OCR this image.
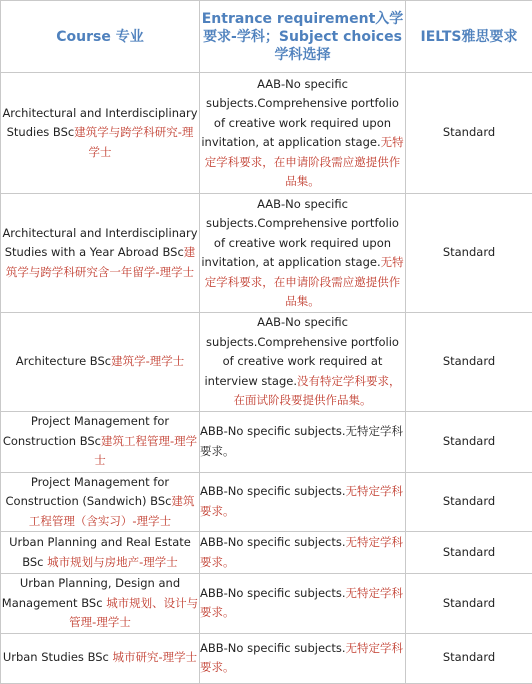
Course 专业	Entrance requirement入学要求-学科；Subject choices 学科选择	IELTS雅思要求
Architectural and Interdisciplinary Studies BSc建筑学与跨学科研究-理学士	AAB-No specific subjects.Comprehensive portfolio of creative work required upon invitation, at application stage.无特定学科要求，在申请阶段需应邀提供作品集。	Standard
Architectural and Interdisciplinary Studies with a Year Abroad BSc建筑学与跨学科研究含一年留学-理学士	AAB-No specific subjects.Comprehensive portfolio of creative work required upon invitation, at application stage.无特定学科要求，在申请阶段需应邀提供作品集。	Standard
Architecture BSc建筑学-理学士	AAB-No specific subjects.Comprehensive portfolio of creative work required at interview stage.没有特定学科要求，在面试阶段要提供作品集。	Standard
Project Management for Construction BSc建筑工程管理-理学士	ABB-No specific subjects.无特定学科要求。	Standard
Project Management for Construction (Sandwich) BSc建筑工程管理（含实习）-理学士	ABB-No specific subjects.无特定学科要求。	Standard
Urban Planning and Real Estate BSc 城市规划与房地产-理学士	ABB-No specific subjects.无特定学科要求。	Standard
Urban Planning, Design and Management BSc 城市规划、设计与管理-理学士	ABB-No specific subjects.无特定学科要求。	Standard
Urban Studies BSc 城市研究-理学士	ABB-No specific subjects.无特定学科要求。	Standard
